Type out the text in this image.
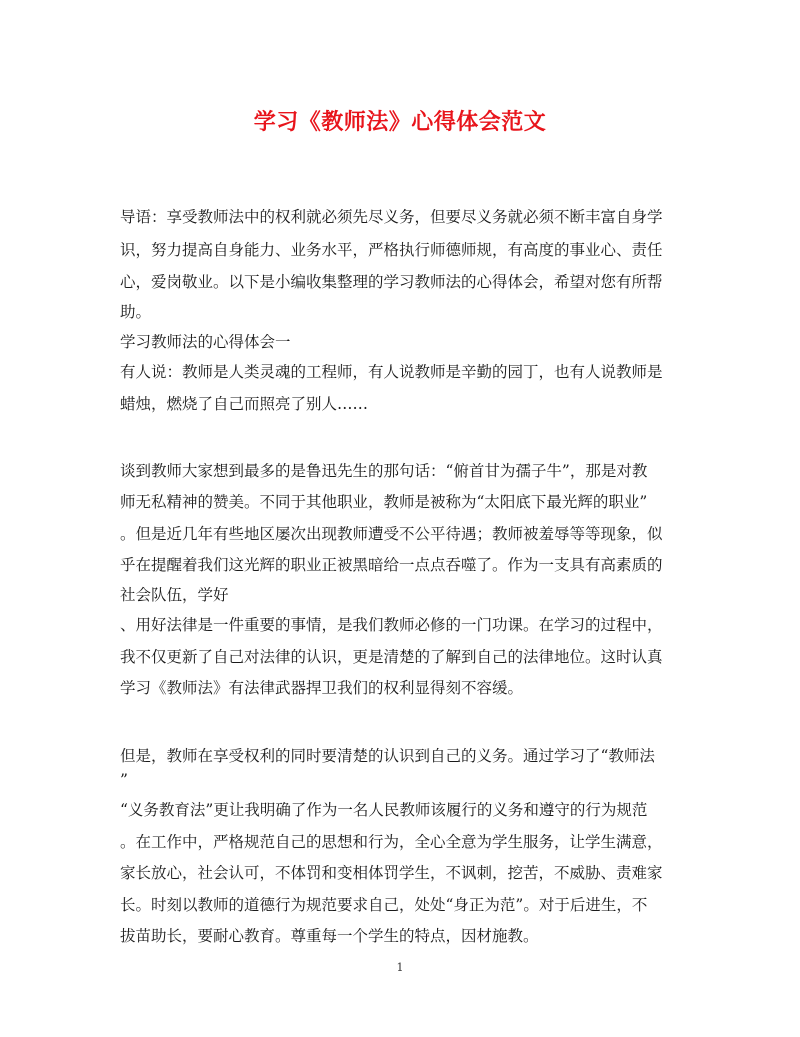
学习《教师法》心得体会范文
导语：享受教师法中的权利就必须先尽义务，但要尽义务就必须不断丰富自身学
识，努力提高自身能力、业务水平，严格执行师德师规，有高度的事业心、责任
心，爱岗敬业。以下是小编收集整理的学习教师法的心得体会，希望对您有所帮
助。
学习教师法的心得体会一
有人说：教师是人类灵魂的工程师，有人说教师是辛勤的园丁，也有人说教师是
蜡烛，燃烧了自己而照亮了别人……
谈到教师大家想到最多的是鲁迅先生的那句话：“俯首甘为孺子牛”，那是对教
师无私精神的赞美。不同于其他职业，教师是被称为“太阳底下最光辉的职业”
。但是近几年有些地区屡次出现教师遭受不公平待遇；教师被羞辱等等现象，似
乎在提醒着我们这光辉的职业正被黑暗给一点点吞噬了。作为一支具有高素质的
社会队伍，学好
、用好法律是一件重要的事情，是我们教师必修的一门功课。在学习的过程中，
我不仅更新了自己对法律的认识，更是清楚的了解到自己的法律地位。这时认真
学习《教师法》有法律武器捍卫我们的权利显得刻不容缓。
但是，教师在享受权利的同时要清楚的认识到自己的义务。通过学习了“教师法
”
“义务教育法”更让我明确了作为一名人民教师该履行的义务和遵守的行为规范
。在工作中，严格规范自己的思想和行为，全心全意为学生服务，让学生满意，
家长放心，社会认可，不体罚和变相体罚学生，不讽刺，挖苦，不威胁、责难家
长。时刻以教师的道德行为规范要求自己，处处“身正为范”。对于后进生，不
拔苗助长，要耐心教育。尊重每一个学生的特点，因材施教。
1
